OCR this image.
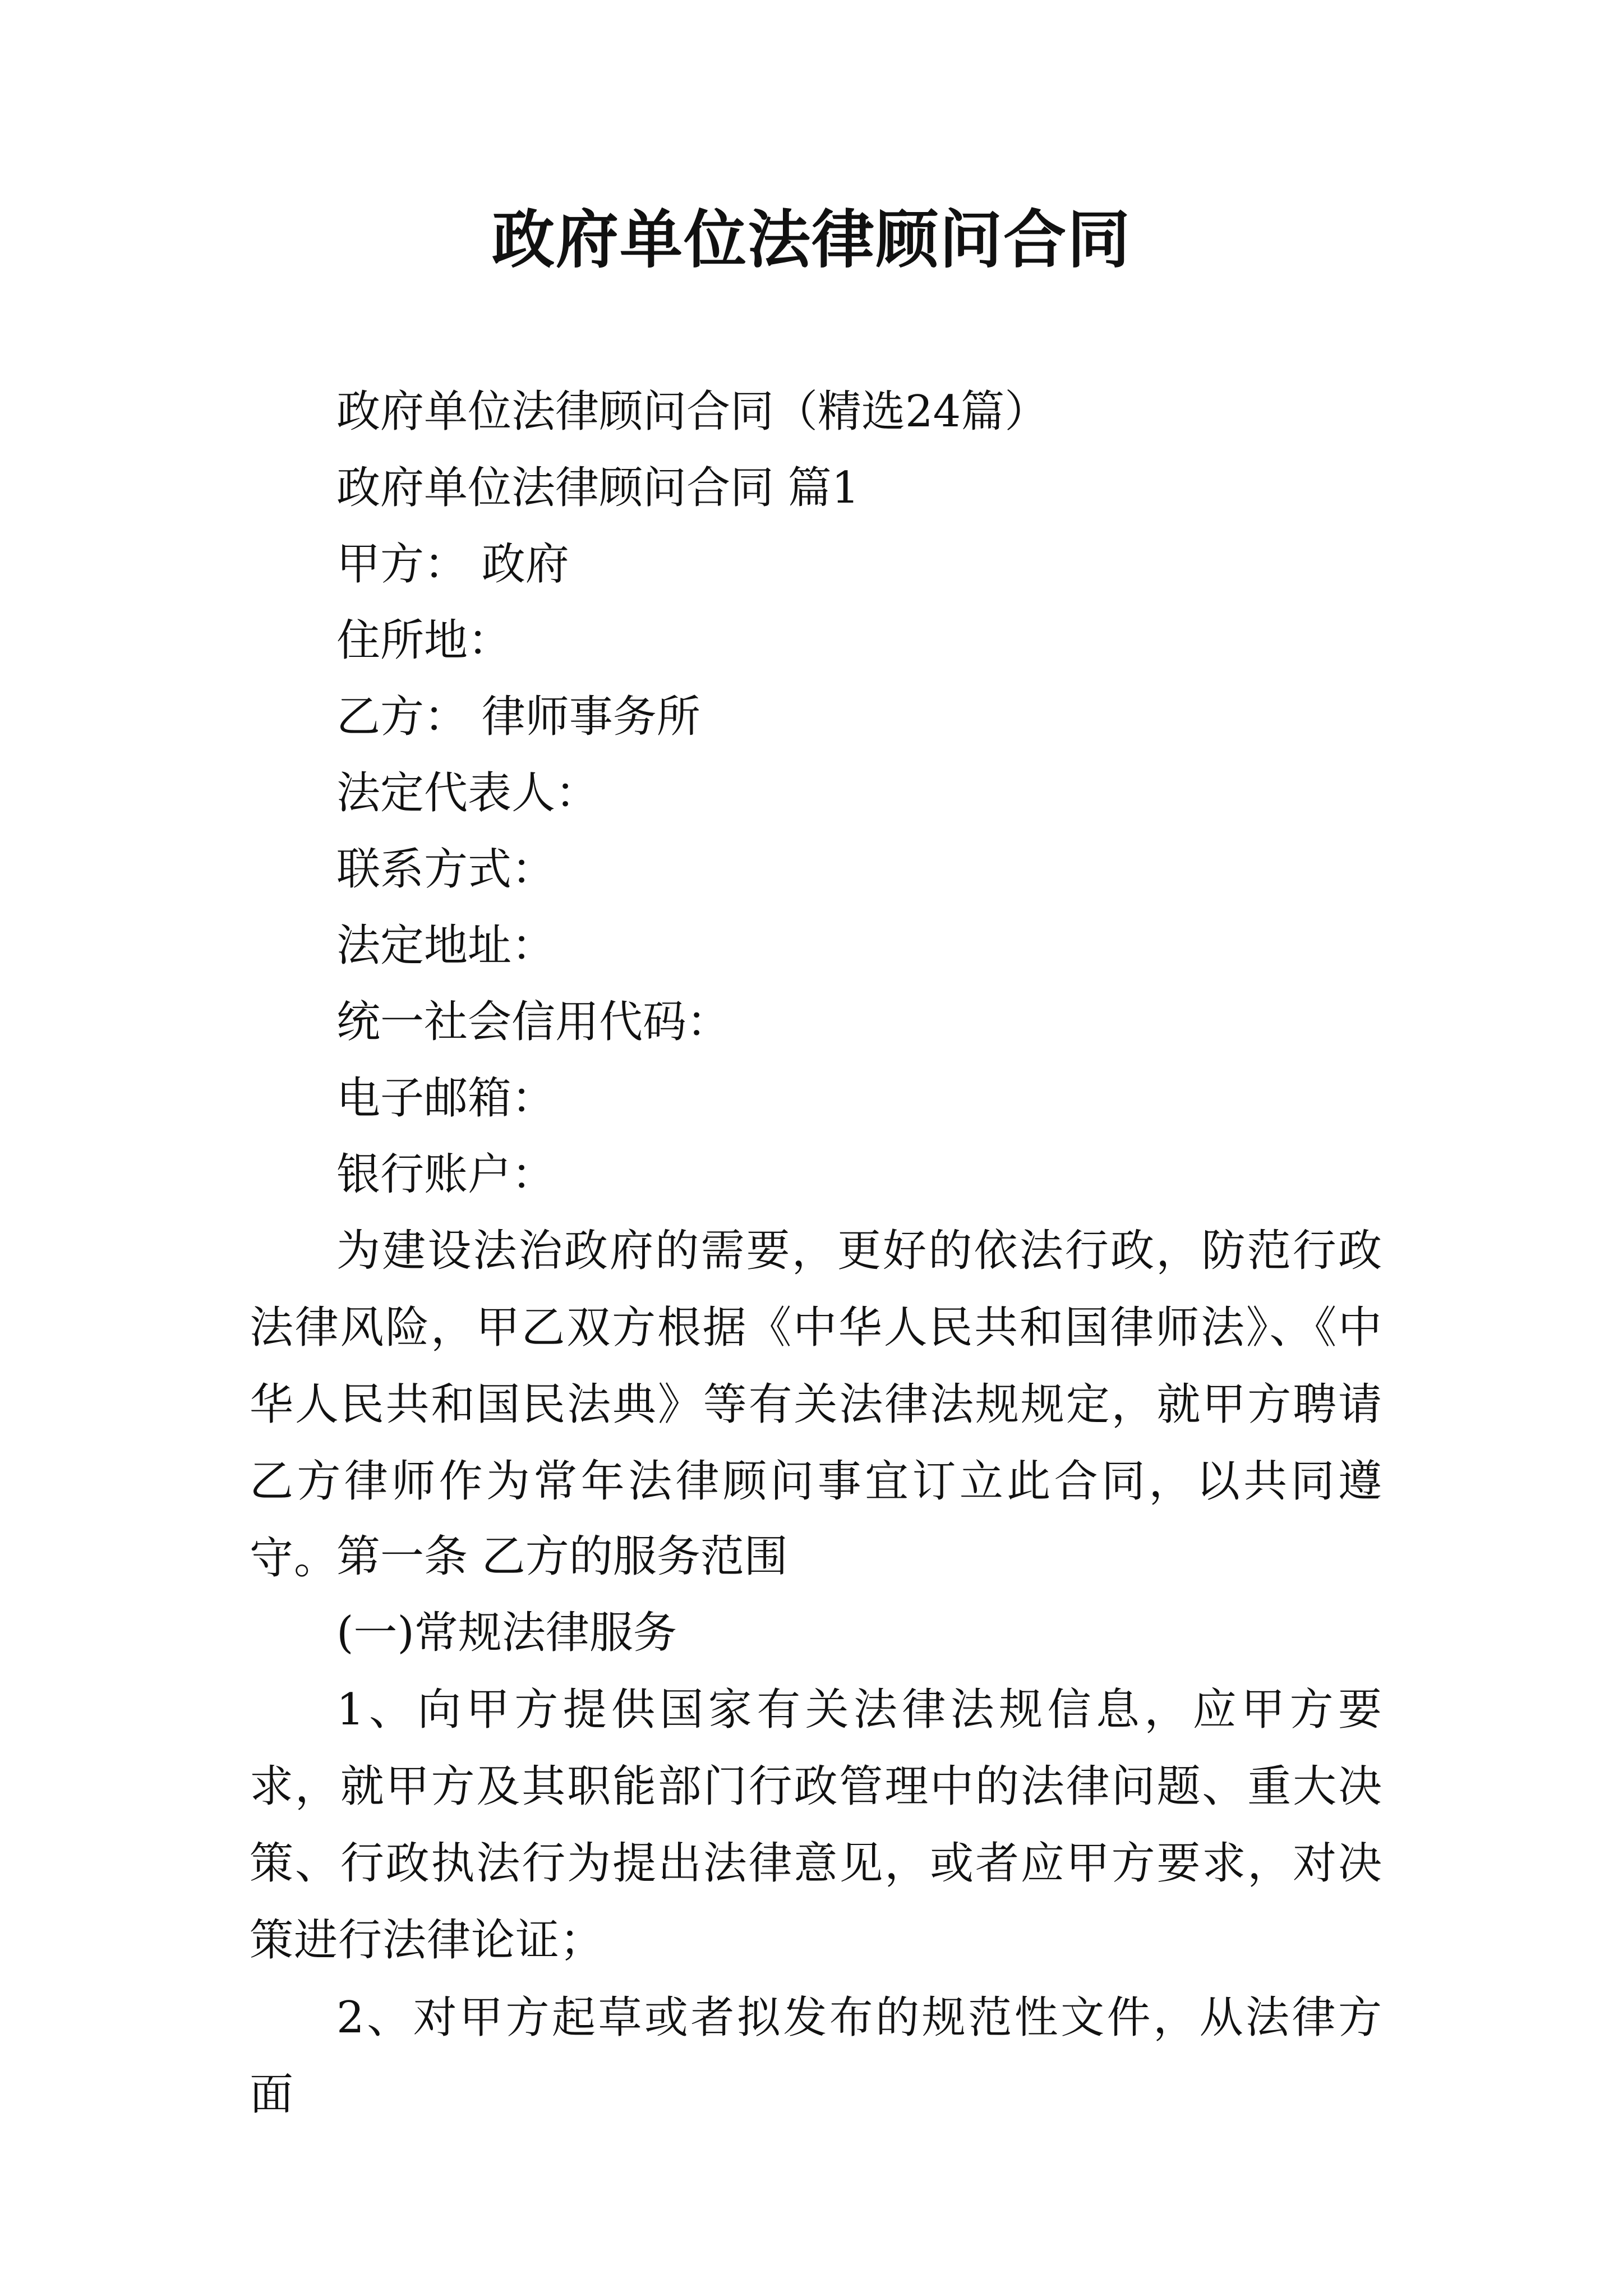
政府单位法律顾问合同
政府单位法律顾问合同（精选24篇）
政府单位法律顾问合同 篇1
甲方： 政府
住所地：
乙方： 律师事务所
法定代表人：
联系方式：
法定地址：
统一社会信用代码：
电子邮箱：
银行账户：
为建设法治政府的需要，更好的依法行政，防范行政法律风险，甲乙双方根据《中华人民共和国律师法》、《中华人民共和国民法典》等有关法律法规规定，就甲方聘请乙方律师作为常年法律顾问事宜订立此合同，以共同遵守。
第一条 乙方的服务范围
(一)常规法律服务
1、向甲方提供国家有关法律法规信息，应甲方要求，就甲方及其职能部门行政管理中的法律问题、重大决策、行政执法行为提出法律意见，或者应甲方要求，对决策进行法律论证；
2、对甲方起草或者拟发布的规范性文件，从法律方面
